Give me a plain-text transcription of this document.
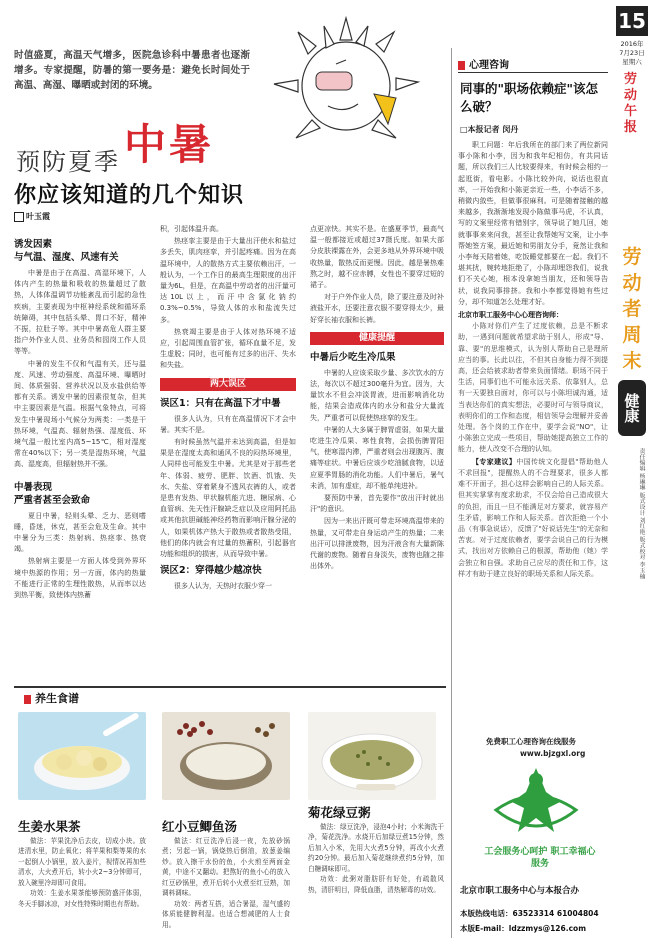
时值盛夏，高温天气增多，医院急诊科中暑患者也逐渐增多。专家提醒，防暑的第一要务是：避免长时间处于高温、高湿、曝晒或封闭的环境。
预防夏季 中暑
你应该知道的几个知识
叶玉霞
诱发因素
与气温、湿度、风速有关

中暑是由于在高温、高湿环境下，人体内产生的热量和吸收的热量超过了散热，人体体温调节功能紊乱而引起的急性疾病，主要表现为中枢神经系统和循环系统障碍，其中包括头晕、胃口不好，精神不振，拉肚子等。其中中暑高危人群主要指户外作业人员、业务员和园岗工作人员等等。

中暑的发生不仅和气温有关，还与温度、风速、劳动强度、高温环境、曝晒时间、体质强弱、营养状况以及水盐供给等都有关系。诱发中暑的因素很复杂，但其中主要因素是气温。根据气象特点，可将发生中暑现场小气候分为两类：一类是干热环境，气温高、辐射热强、湿度低、环境气温一般比室内高5~15℃，相对湿度常在40%以下；另一类是湿热环境，气温高、湿度高，但辐射热并不强。

中暑表现
严重者甚至会致命

夏日中暑，轻则头晕、乏力、恶则嗜睡，昏迷，休克，甚至会危及生命。其中中暑分为三类：热射病、热痉挛、热衰竭。

热射病主要是一方面人体受到外界环境中热源的作用；另一方面，体内的热量不能进行正常的生理性散热，从而率以达到热平衡，致使体内热蓄

积，引起体温升高。

热痉挛主要是由于大量出汗使水和盐过多丢失，肌肉痉挛，并引起疼痛。因为在高温环境中，人的散热方式主要依赖出汗，一般认为，一个工作日的最高生理限度的出汗量为6L，但是，在高温中劳动者的出汗量可达10L以上，而汗中含氯化钠约0.3%~0.5%，导致人体的水和盐流失过多。

热衰竭主要是由于人体对热环境不适应，引起周围血管扩张，循环血量不足，发生虚脱；同时，也可能有过多的出汗、失水和失盐。

两大误区
误区1：只有在高温下才中暑

很多人认为，只有在高温情况下才会中暑。其实不是。

有时候虽然气温并未达到高温，但是如果是在湿度太高和通风不良的闷热环境里，人同样也可能发生中暑。尤其是对于那些老年、体弱、疲劳、肥胖、饮酒、饥饿、失水、失盐、穿着紧身不透风衣裤的人，或者是患有发热、甲状腺机能亢进、糖尿病、心血管病、先天性汗腺缺乏症以及应用阿托品或其他抗胆碱能神经药物而影响汗腺分泌的人，如果机体产热大于散热或者散热受阻，他们的体内就会有过量的热蓄积，引起器官功能和组织的损害，从而导致中暑。

误区2：穿得越少越凉快

很多人认为，天热时衣服少穿一

点更凉快。其实不是。在盛夏季节，最高气温一般都接近或超过37摄氏度。如果大部分皮肤裸露在外，会更多地从外界环境中吸收热量，散热反而更慢。因此，越是暑热难熬之时，越不应赤膊，女性也不要穿过短的裙子。

对于户外作业人员，除了要注意及时补液盐开水，还要注意衣服不要穿得太少，最好穿长袖衣服和长裤。

健康提醒
中暑后少吃生冷瓜果

中暑的人应该采取少量、多次饮水的方法，每次以不超过300毫升为宜。因为，大量饮水不但会冲淡胃液，进而影响消化功能，结果会造成体内的水分和盐分大量流失，严重者可以促使热痉挛的发生。

中暑的人大多属于脾胃虚弱，如果大量吃进生冷瓜果、寒性食物，会损伤脾胃阳气，使寒湿内滞，严重者则会出现腹泻、腹痛等症状。中暑后应该少吃油腻食物，以适应夏季胃肠的消化功能。人们中暑后，暑气未消，加有虚症，却不能单纯进补。

要预防中暑，首先要作"放出汗时就出汗"的意识。

因为一来出汗既可带走环境高温带来的热量，又可带走自身运动产生的热量；二来出汗可以排泄废物，因为汗液含有大量新陈代谢的废物。随着自身淡失，废物也随之排出体外。

心理咨询
同事的"职场依赖症"该怎么破？
□本报记者 闵丹

职工问题：年后我所在的部门来了两位新同事小陈和小李，因为和我年纪相仿，有共同话题，所以我们三人比较要得来，有时候会相约一起逛街，看电影。小陈比较外向，说话也很直率，一开始我和小陈更亲近一些，小李话不多，稍微内敛些，但做事很麻利。可是随着接触的越来越多，我渐渐地发现小陈做事马虎，不认真，写的文案里经常有错别字，领导说了她几回，她就事事来来问我，甚至让我帮她写文案，让小李帮她签方案，最近她和男朋友分手，竟然让我和小李每天陪着她，吃饭睡觉都要在一起。我们不堪其扰，婉转地拒绝了，小陈却埋怨我们，说我们不关心她，根本没拿她当朋友，还和领导告状，说我同事排挤。我和小李都觉得她有些过分，却不知道怎么处理才好。

北京市职工服务中心心理咨询师：

小陈对你们产生了过度依赖，总是不断求助，一遇到问题就希望求助于别人，形成"导、靠、要"的思维模式，认为别人帮助自己是理所应当的事。长此以往，不但其自身能力得不到提高，还会给被求助者带来负面情绪。职场不同于生活，同事们也不可能永远关系、依靠别人，总有一天要独自面对，你可以与小陈坦诚沟通，适当表达你们的真实想法，必要时可与领导商议，表明你们的工作和态度，相信领导会理解并妥善处理。各个岗的工作在中，要学会说"NO"，让小陈独立完成一些项目，帮助她提高独立工作的能力，使人改变不合理的认知。

【专家建议】中国传统文化提倡"帮助他人不求回报"，提醒热人的不合理要求，很多人都难不开面子，担心这样会影响自己的人际关系。但其实掌掌有度求助求，不仅会给自己造成很大的负担，而且一旦不能满足对方要求，就容易产生矛盾，影响工作和人际关系。首次拒绝一个小品（有事急说话），反馈了"好说话先生"的无奈和苦衷。对于过度依赖者，要学会说自己的行为模式，找出对方依赖自己的根源，帮助他（她）学会独立和自强。求助自己应尽的责任和工作，这样才有助于建立良好的职场关系和人际关系。

免费职工心理咨询在线服务
www.bjzgxl.org
工会服务心呵护 职工幸福心服务
北京市职工服务中心与本报合办
本版热线电话：63523314 61004804
本版E-mail：ldzzmys@126.com
养生食谱
生姜水果茶
做法：苹果洗净后去皮，切成小块。放进清水里，防止氧化；将苹果和梨等果的水一起倒人小锅里，放入姜片，视情况再加些清水，大火煮开后，转小火2~3分钟即可，放入碗里冷却即可食用。
功效：生姜水果茶能够预防盛汗体弱，冬天手脚冰凉，对女性特殊时期也有帮助。
红小豆鲫鱼汤
做法：红豆洗净后浸一夜，先放砂锅煮；另起一锅，锅烧热后倒油，放葱姜编炒。放入擦干水份的鱼，小火煎至两面金黄，中途不又翻动。把熬好的鱼小心的放入红豆砂锅里，煮开后转小火煮至红豆熟，加调料调味。
功效：两者互搭，适合暑湿，湿气盛的体质能健脾利湿。也适合想减肥的人士食用。
菊花绿豆粥
做法：绿豆洗净，浸泡4小时；小米淘洗干净，菊花洗净。水烧开后加绿豆煮15分钟，然后加入小米，先用大火煮5分钟，再改小火煮约20分钟。最后加入菊花继续煮约5分钟，加白糖调味即可。
功效：此粥对脂肪肝有好处，有疏散风热，清肝明目，降低血脂，清热解毒的功效。
15
2016年
7月23日
星期六
劳动午报
劳动者周末
健康
责任编辑 杨琳琳 版式设计 刘红艳 版式校对 李玉楠
